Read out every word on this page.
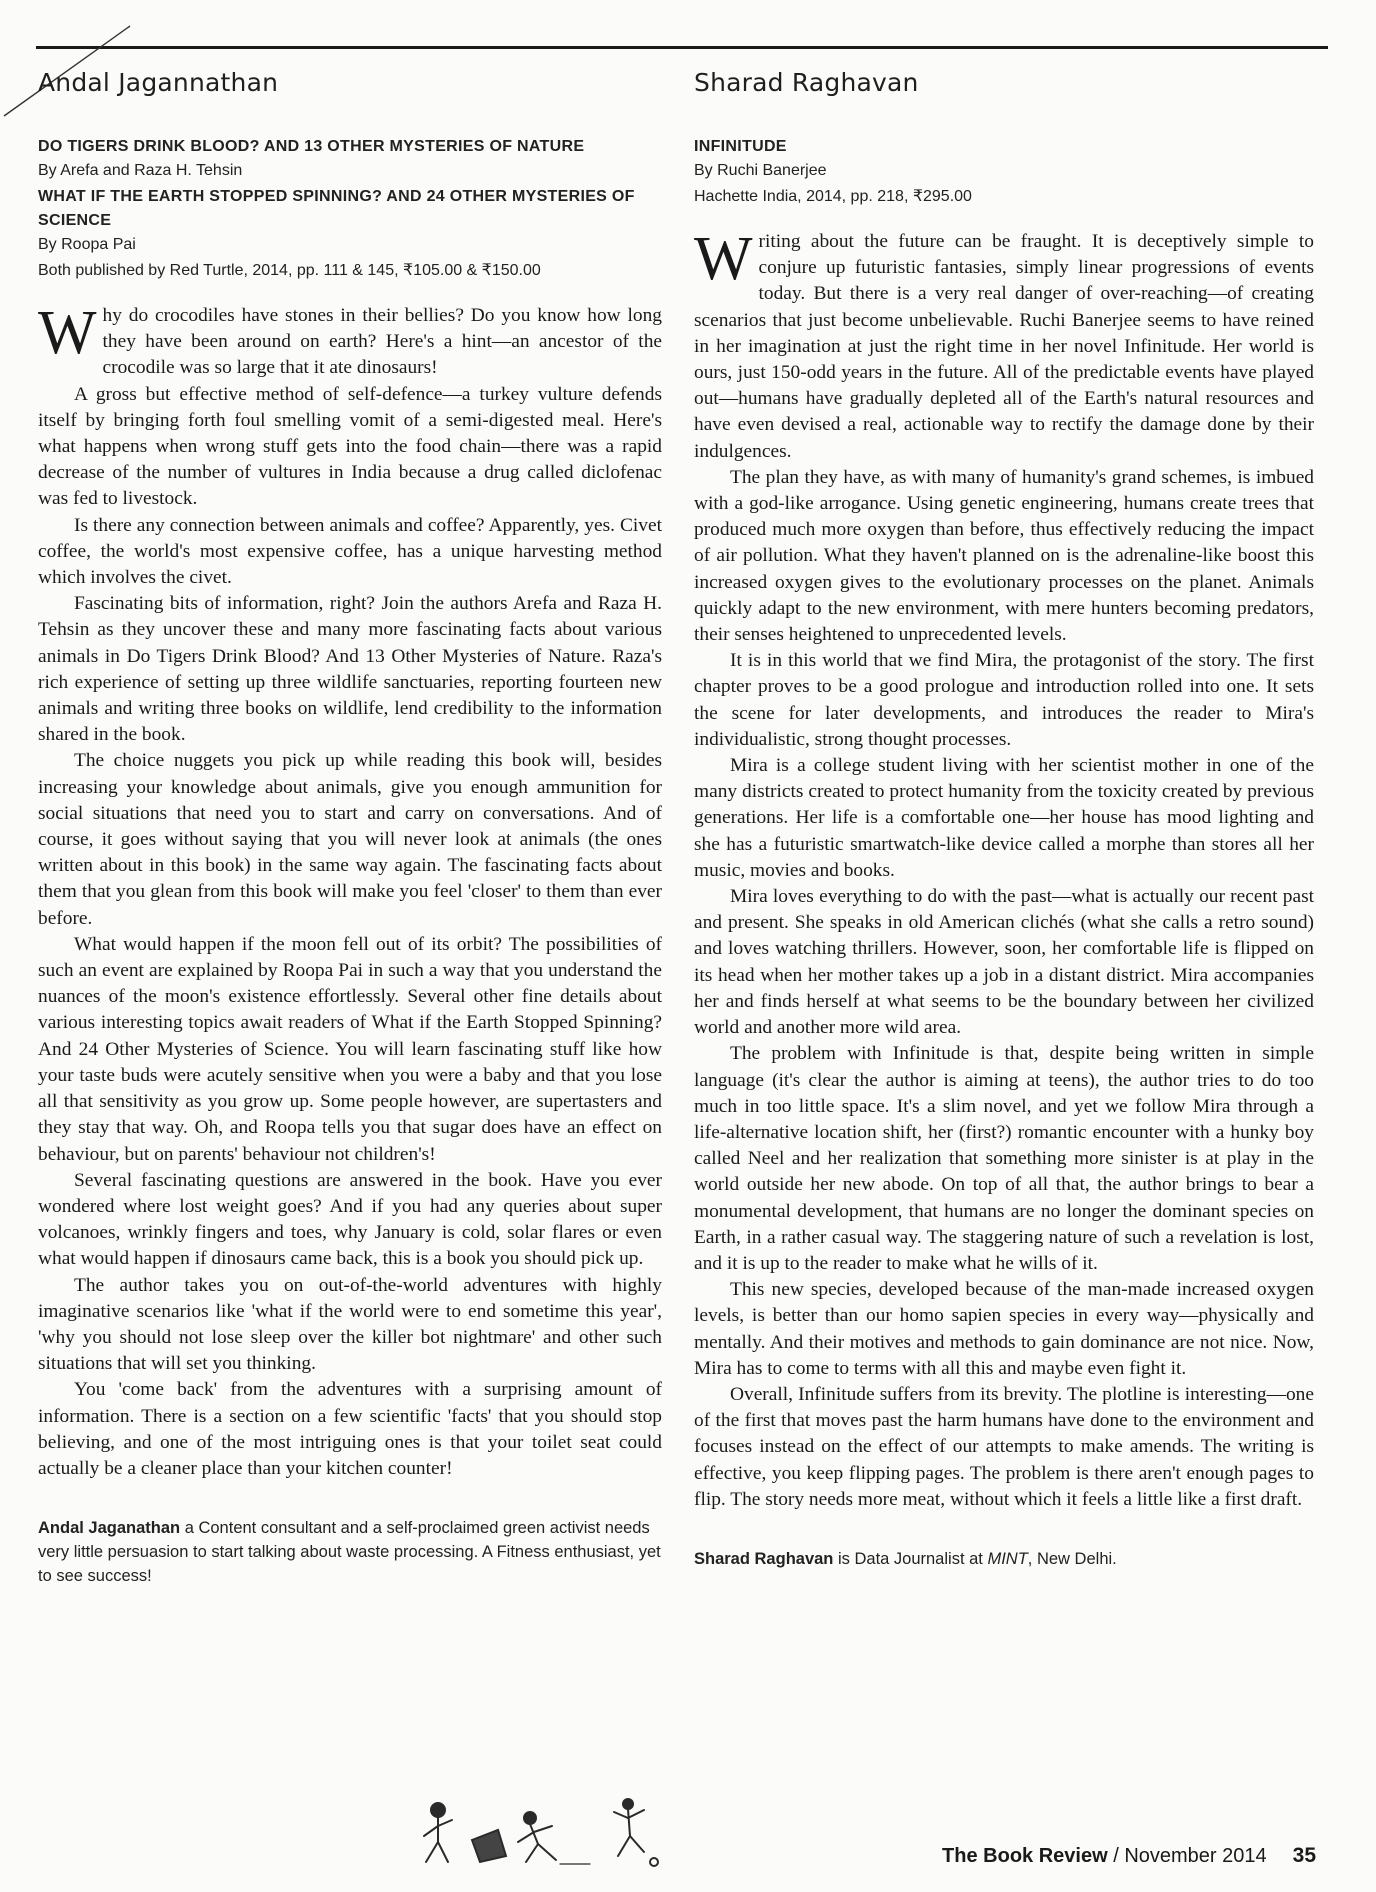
Andal Jagannathan
DO TIGERS DRINK BLOOD? AND 13 OTHER MYSTERIES OF NATURE
By Arefa and Raza H. Tehsin
WHAT IF THE EARTH STOPPED SPINNING? AND 24 OTHER MYSTERIES OF SCIENCE
By Roopa Pai
Both published by Red Turtle, 2014, pp. 111 & 145, ₹105.00 & ₹150.00

Why do crocodiles have stones in their bellies? Do you know how long they have been around on earth? Here's a hint—an ancestor of the crocodile was so large that it ate dinosaurs!

A gross but effective method of self-defence—a turkey vulture defends itself by bringing forth foul smelling vomit of a semi-digested meal. Here's what happens when wrong stuff gets into the food chain—there was a rapid decrease of the number of vultures in India because a drug called diclofenac was fed to livestock.

Is there any connection between animals and coffee? Apparently, yes. Civet coffee, the world's most expensive coffee, has a unique harvesting method which involves the civet.

Fascinating bits of information, right? Join the authors Arefa and Raza H. Tehsin as they uncover these and many more fascinating facts about various animals in Do Tigers Drink Blood? And 13 Other Mysteries of Nature. Raza's rich experience of setting up three wildlife sanctuaries, reporting fourteen new animals and writing three books on wildlife, lend credibility to the information shared in the book.

The choice nuggets you pick up while reading this book will, besides increasing your knowledge about animals, give you enough ammunition for social situations that need you to start and carry on conversations. And of course, it goes without saying that you will never look at animals (the ones written about in this book) in the same way again. The fascinating facts about them that you glean from this book will make you feel 'closer' to them than ever before.

What would happen if the moon fell out of its orbit? The possibilities of such an event are explained by Roopa Pai in such a way that you understand the nuances of the moon's existence effortlessly. Several other fine details about various interesting topics await readers of What if the Earth Stopped Spinning? And 24 Other Mysteries of Science. You will learn fascinating stuff like how your taste buds were acutely sensitive when you were a baby and that you lose all that sensitivity as you grow up. Some people however, are supertasters and they stay that way. Oh, and Roopa tells you that sugar does have an effect on behaviour, but on parents' behaviour not children's!

Several fascinating questions are answered in the book. Have you ever wondered where lost weight goes? And if you had any queries about super volcanoes, wrinkly fingers and toes, why January is cold, solar flares or even what would happen if dinosaurs came back, this is a book you should pick up.

The author takes you on out-of-the-world adventures with highly imaginative scenarios like 'what if the world were to end sometime this year', 'why you should not lose sleep over the killer bot nightmare' and other such situations that will set you thinking.

You 'come back' from the adventures with a surprising amount of information. There is a section on a few scientific 'facts' that you should stop believing, and one of the most intriguing ones is that your toilet seat could actually be a cleaner place than your kitchen counter!

Andal Jaganathan a Content consultant and a self-proclaimed green activist needs very little persuasion to start talking about waste processing. A Fitness enthusiast, yet to see success!
Sharad Raghavan
INFINITUDE
By Ruchi Banerjee
Hachette India, 2014, pp. 218, ₹295.00

Writing about the future can be fraught. It is deceptively simple to conjure up futuristic fantasies, simply linear progressions of events today. But there is a very real danger of over-reaching—of creating scenarios that just become unbelievable. Ruchi Banerjee seems to have reined in her imagination at just the right time in her novel Infinitude. Her world is ours, just 150-odd years in the future. All of the predictable events have played out—humans have gradually depleted all of the Earth's natural resources and have even devised a real, actionable way to rectify the damage done by their indulgences.

The plan they have, as with many of humanity's grand schemes, is imbued with a god-like arrogance. Using genetic engineering, humans create trees that produced much more oxygen than before, thus effectively reducing the impact of air pollution. What they haven't planned on is the adrenaline-like boost this increased oxygen gives to the evolutionary processes on the planet. Animals quickly adapt to the new environment, with mere hunters becoming predators, their senses heightened to unprecedented levels.

It is in this world that we find Mira, the protagonist of the story. The first chapter proves to be a good prologue and introduction rolled into one. It sets the scene for later developments, and introduces the reader to Mira's individualistic, strong thought processes.

Mira is a college student living with her scientist mother in one of the many districts created to protect humanity from the toxicity created by previous generations. Her life is a comfortable one—her house has mood lighting and she has a futuristic smartwatch-like device called a morphe than stores all her music, movies and books.

Mira loves everything to do with the past—what is actually our recent past and present. She speaks in old American clichés (what she calls a retro sound) and loves watching thrillers. However, soon, her comfortable life is flipped on its head when her mother takes up a job in a distant district. Mira accompanies her and finds herself at what seems to be the boundary between her civilized world and another more wild area.

The problem with Infinitude is that, despite being written in simple language (it's clear the author is aiming at teens), the author tries to do too much in too little space. It's a slim novel, and yet we follow Mira through a life-alternative location shift, her (first?) romantic encounter with a hunky boy called Neel and her realization that something more sinister is at play in the world outside her new abode. On top of all that, the author brings to bear a monumental development, that humans are no longer the dominant species on Earth, in a rather casual way. The staggering nature of such a revelation is lost, and it is up to the reader to make what he wills of it.

This new species, developed because of the man-made increased oxygen levels, is better than our homo sapien species in every way—physically and mentally. And their motives and methods to gain dominance are not nice. Now, Mira has to come to terms with all this and maybe even fight it.

Overall, Infinitude suffers from its brevity. The plotline is interesting—one of the first that moves past the harm humans have done to the environment and focuses instead on the effect of our attempts to make amends. The writing is effective, you keep flipping pages. The problem is there aren't enough pages to flip. The story needs more meat, without which it feels a little like a first draft.

Sharad Raghavan is Data Journalist at MINT, New Delhi.
The Book Review / November 2014 35
